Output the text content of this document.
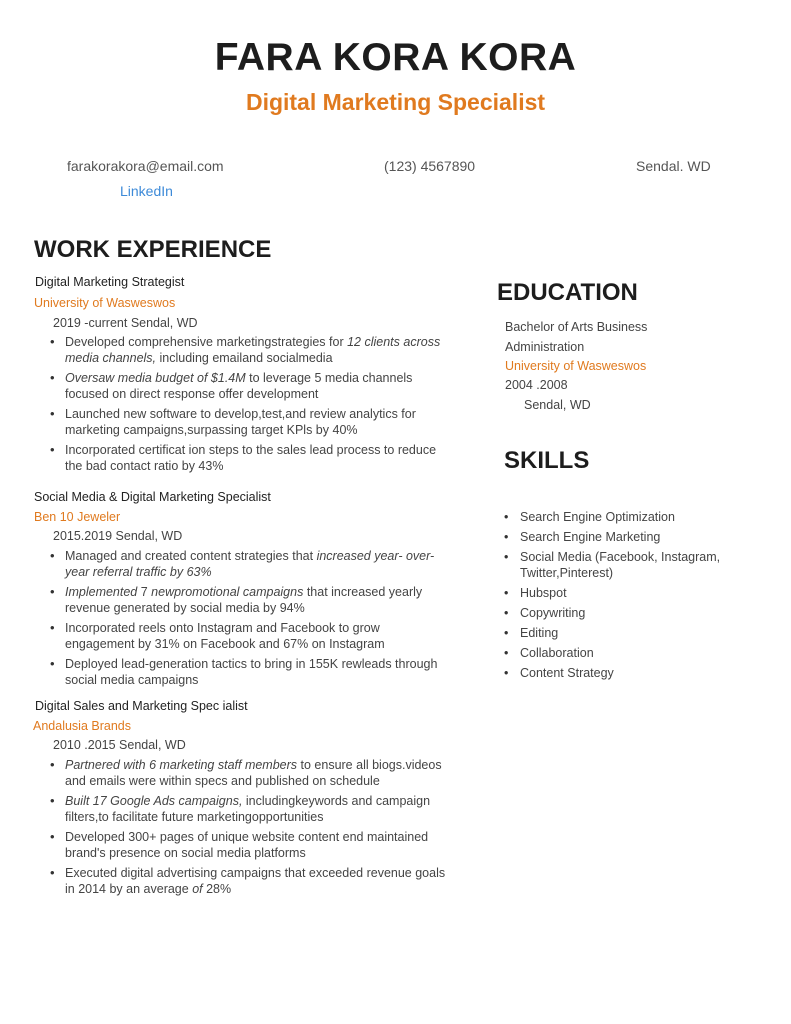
FARA KORA KORA
Digital Marketing Specialist
farakorakora@email.com	(123) 4567890	Sendal. WD
LinkedIn
WORK EXPERIENCE
Digital Marketing Strategist
University of Wasweswos
2019 -current Sendal, WD
• Developed comprehensive marketingstrategies for 12 clients across media channels, including emailand socialmedia
• Oversaw media budget of $1.4M to leverage 5 media channels focused on direct response offer development
• Launched new software to develop,test,and review analytics for marketing campaigns,surpassing target KPls by 40%
• Incorporated certificat ion steps to the sales lead process to reduce the bad contact ratio by 43%
Social Media & Digital Marketing Specialist
Ben 10 Jeweler
2015.2019 Sendal, WD
• Managed and created content strategies that increased year- over-year referral traffic by 63%
• Implemented 7 newpromotional campaigns that increased yearly revenue generated by social media by 94%
• Incorporated reels onto Instagram and Facebook to grow engagement by 31% on Facebook and 67% on Instagram
• Deployed lead-generation tactics to bring in 155K rewleads through social media campaigns
Digital Sales and Marketing Spec ialist
Andalusia Brands
2010 .2015 Sendal, WD
• Partnered with 6 marketing staff members to ensure all biogs.videos and emails were within specs and published on schedule
• Built 17 Google Ads campaigns, includingkeywords and campaign filters,to facilitate future marketingopportunities
• Developed 300+ pages of unique website content end maintained brand's presence on social media platforms
• Executed digital advertising campaigns that exceeded revenue goals in 2014 by an average of 28%
EDUCATION
Bachelor of Arts Business
Administration
University of Wasweswos
2004 .2008
Sendal, WD
SKILLS
• Search Engine Optimization
• Search Engine Marketing
• Social Media (Facebook, Instagram, Twitter,Pinterest)
• Hubspot
• Copywriting
• Editing
• Collaboration
• Content Strategy
